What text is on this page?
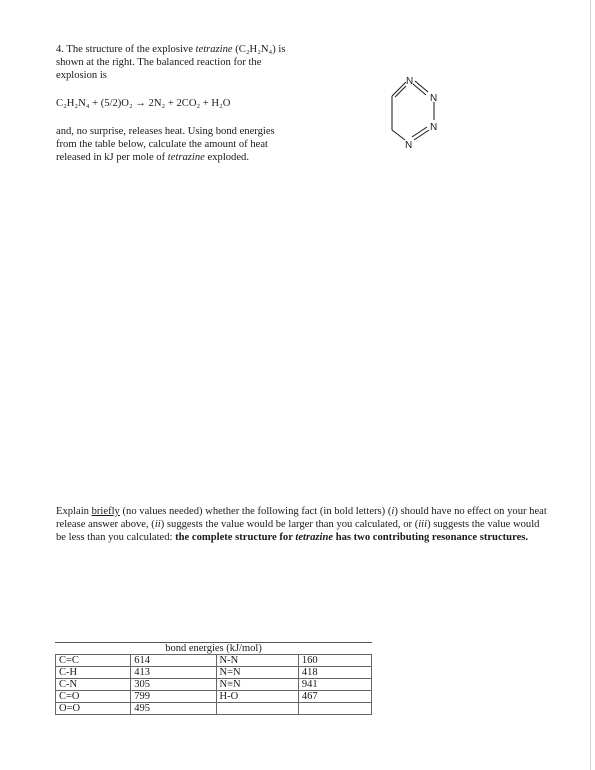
4. The structure of the explosive tetrazine (C₂H₂N₄) is shown at the right. The balanced reaction for the explosion is
C₂H₂N₄ + (5/2)O₂ → 2N₂ + 2CO₂ + H₂O
and, no surprise, releases heat. Using bond energies from the table below, calculate the amount of heat released in kJ per mole of tetrazine exploded.
N
N
N
N
Explain briefly (no values needed) whether the following fact (in bold letters) (i) should have no effect on your heat release answer above, (ii) suggests the value would be larger than you calculated, or (iii) suggests the value would be less than you calculated: the complete structure for tetrazine has two contributing resonance structures.
bond energies (kJ/mol)
C=C	614	N-N	160
C-H	413	N=N	418
C-N	305	N≡N	941
C=O	799	H-O	467
O=O	495		
